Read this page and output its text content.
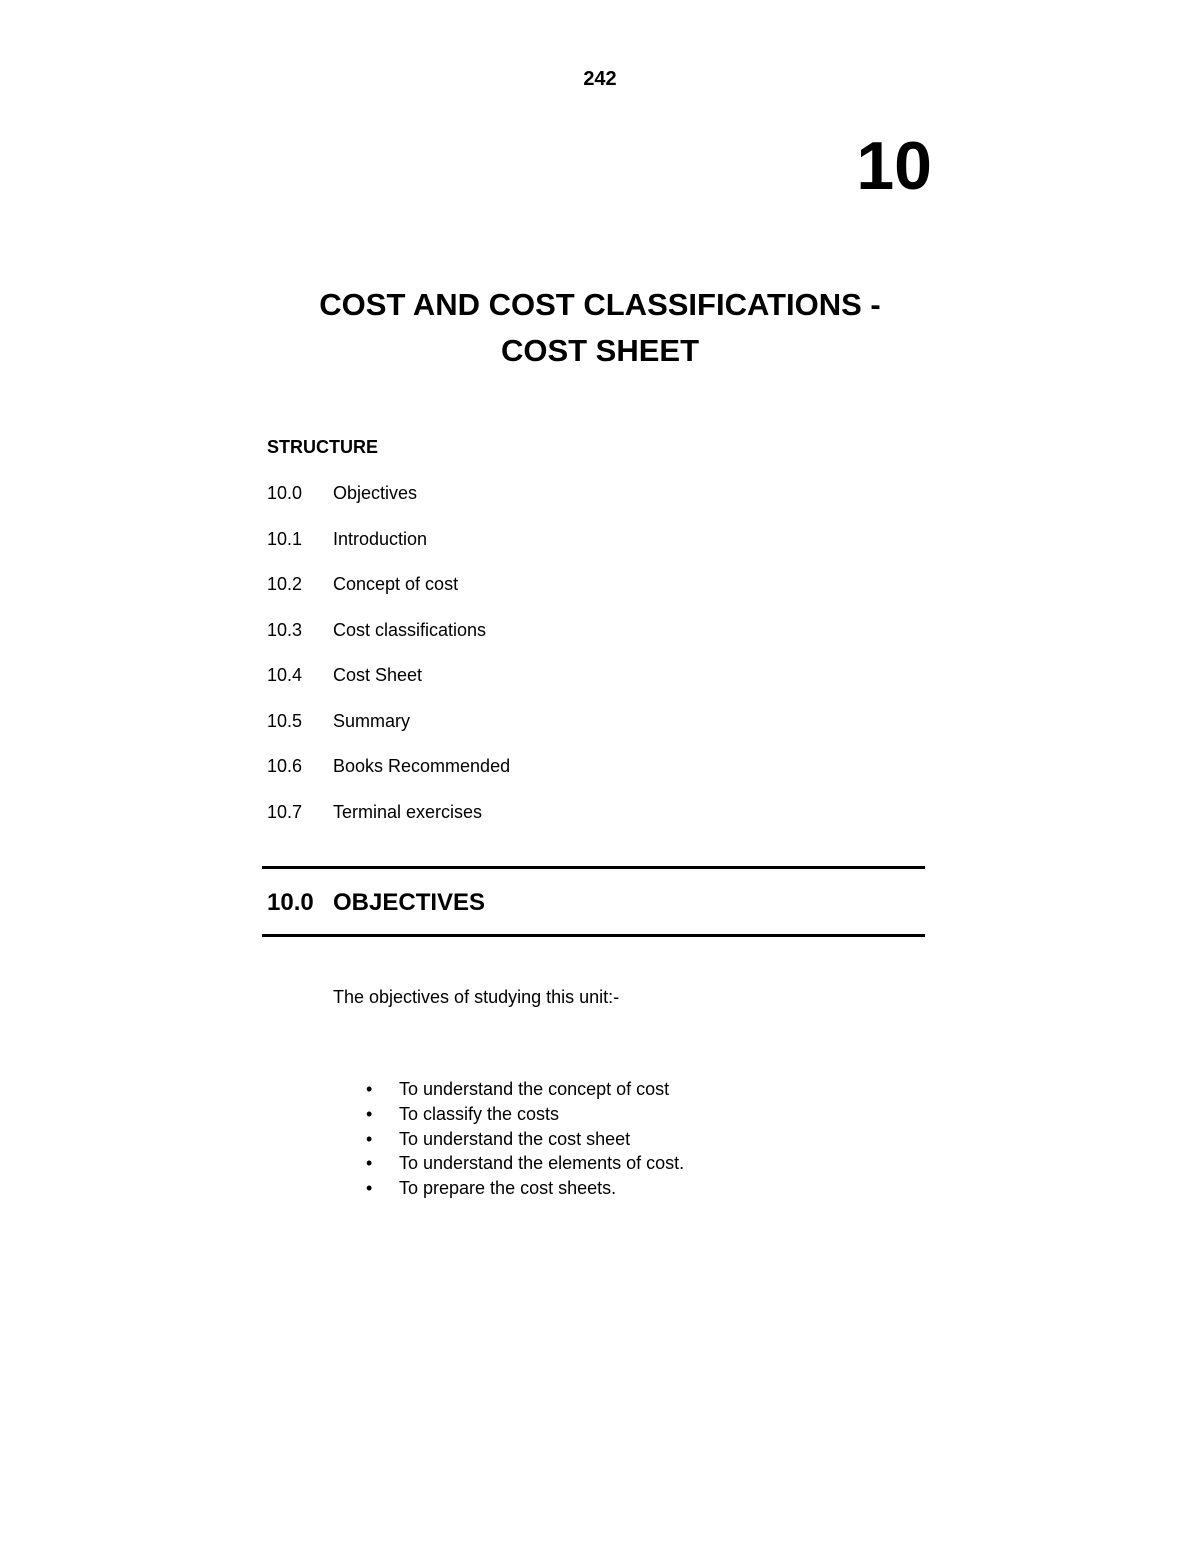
242
10
COST AND COST CLASSIFICATIONS -
COST SHEET
STRUCTURE
10.0 Objectives
10.1 Introduction
10.2 Concept of cost
10.3 Cost classifications
10.4 Cost Sheet
10.5 Summary
10.6 Books Recommended
10.7 Terminal exercises
10.0 OBJECTIVES
The objectives of studying this unit:-
• To understand the concept of cost
• To classify the costs
• To understand the cost sheet
• To understand the elements of cost.
• To prepare the cost sheets.
